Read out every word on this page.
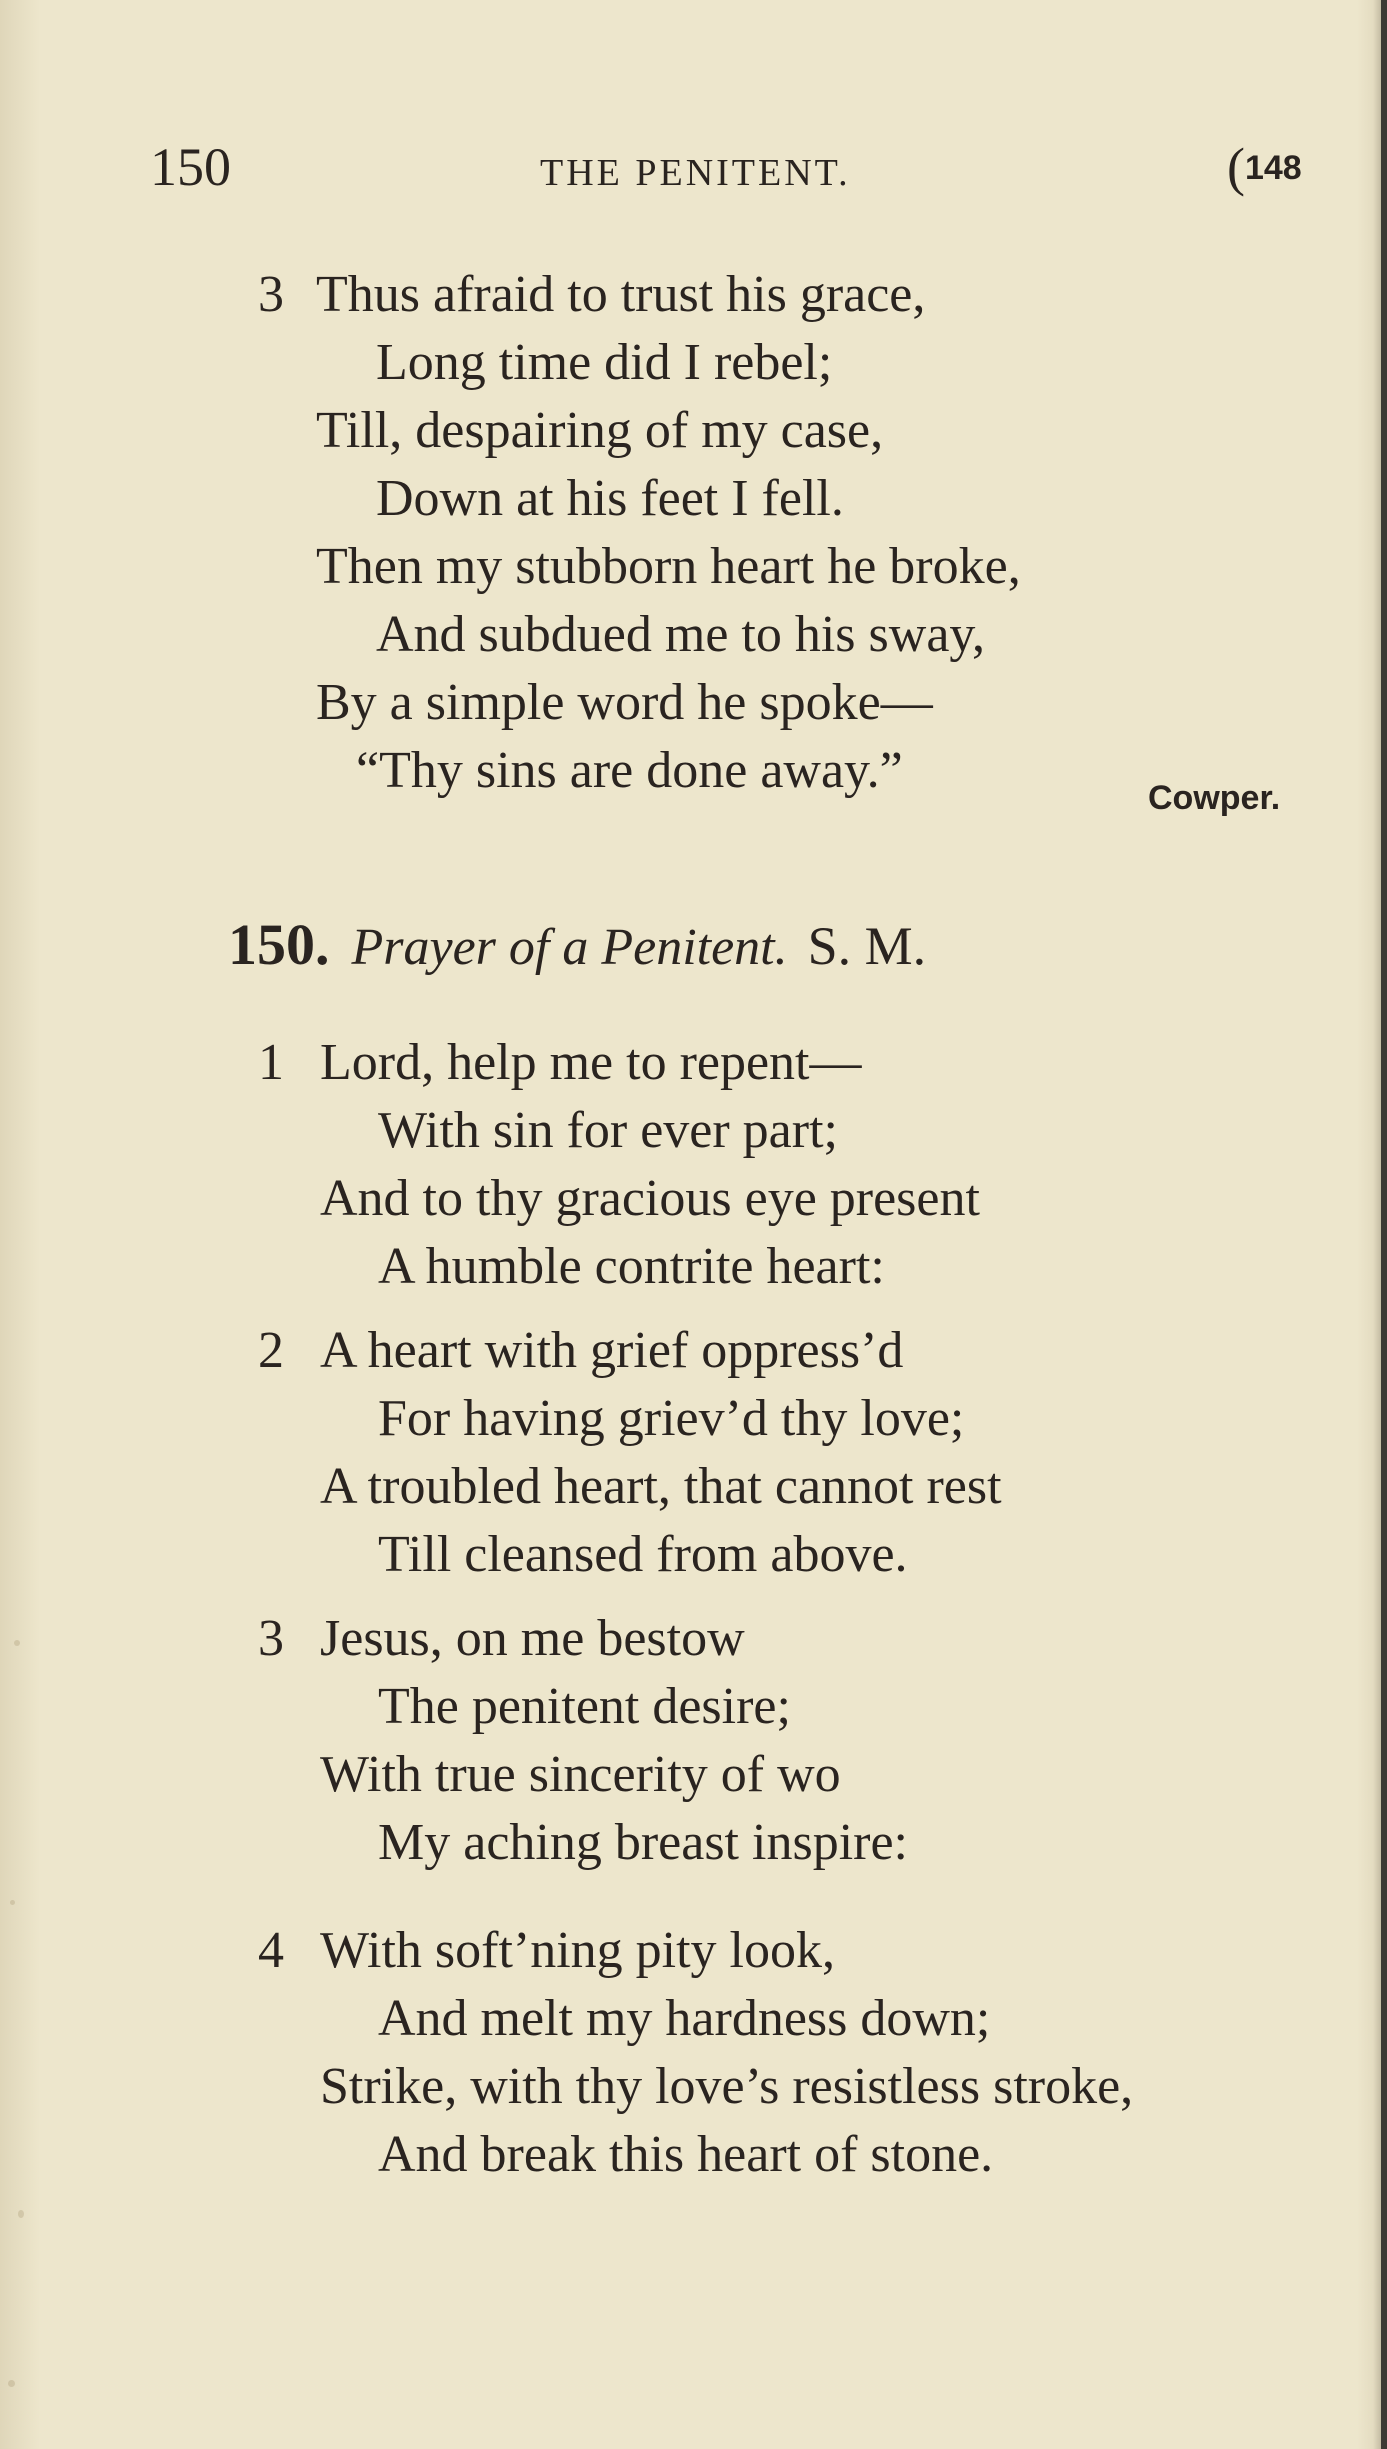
150	THE PENITENT.	(148
3 Thus afraid to trust his grace,
Long time did I rebel;
Till, despairing of my case,
Down at his feet I fell.
Then my stubborn heart he broke,
And subdued me to his sway,
By a simple word he spoke—
“Thy sins are done away.”	Cowper.
150. Prayer of a Penitent. S. M.
1 Lord, help me to repent—
With sin for ever part;
And to thy gracious eye present
A humble contrite heart:
2 A heart with grief oppress’d
For having griev’d thy love;
A troubled heart, that cannot rest
Till cleansed from above.
3 Jesus, on me bestow
The penitent desire;
With true sincerity of wo
My aching breast inspire:
4 With soft’ning pity look,
And melt my hardness down;
Strike, with thy love’s resistless stroke,
And break this heart of stone.
